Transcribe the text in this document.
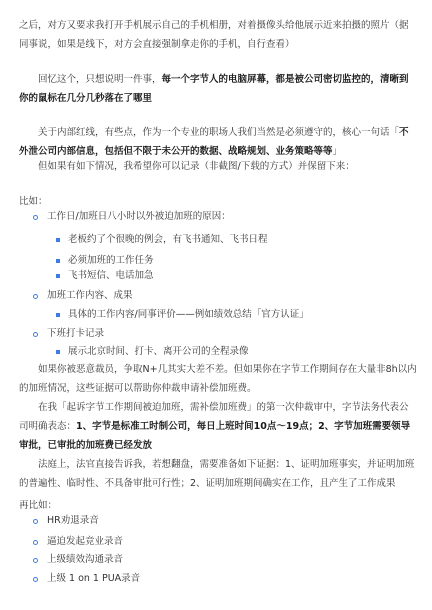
之后，对方又要求我打开手机展示自己的手机相册，对着摄像头给他展示近来拍摄的照片（据同事说，如果是线下，对方会直接强制拿走你的手机，自行查看）

回忆这个，只想说明一件事，每一个字节人的电脑屏幕，都是被公司密切监控的，清晰到你的鼠标在几分几秒落在了哪里

关于内部红线，有些点，作为一个专业的职场人我们当然是必须遵守的，核心一句话「不外泄公司内部信息，包括但不限于未公开的数据、战略规划、业务策略等等」

但如果有如下情况，我希望你可以记录（非截图/下载的方式）并保留下来：

比如：
工作日/加班日八小时以外被迫加班的原因：
老板约了个很晚的例会，有飞书通知、飞书日程
必须加班的工作任务
飞书短信、电话加急
加班工作内容、成果
具体的工作内容/同事评价——例如绩效总结「官方认证」
下班打卡记录
展示北京时间、打卡、离开公司的全程录像

如果你被恶意裁员，争取N+几其实大差不差。但如果你在字节工作期间存在大量非8h以内的加班情况，这些证据可以帮助你仲裁申请补偿加班费。

在我「起诉字节工作期间被迫加班，需补偿加班费」的第一次仲裁审中，字节法务代表公司明确表态：1、字节是标准工时制公司，每日上班时间10点～19点；2、字节加班需要领导审批，已审批的加班费已经发放

法庭上，法官直接告诉我，若想翻盘，需要准备如下证据：1、证明加班事实，并证明加班的普遍性、临时性、不具备审批可行性；2、证明加班期间确实在工作，且产生了工作成果

再比如：
HR劝退录音
逼迫发起竞业录音
上级绩效沟通录音
上级 1 on 1 PUA录音
